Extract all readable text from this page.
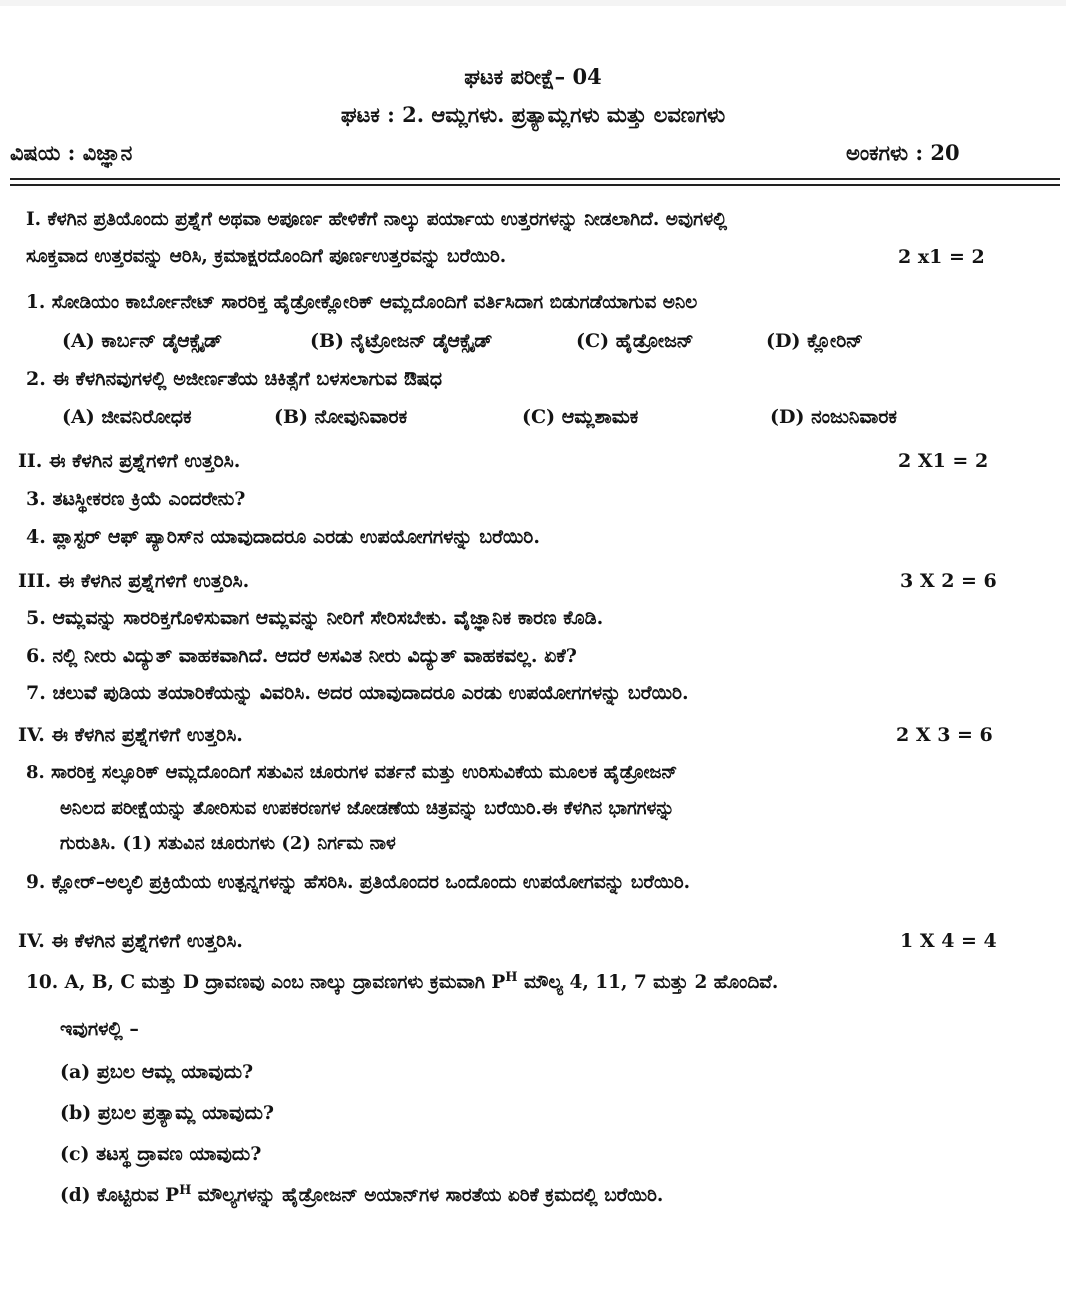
ಘಟಕ ಪರೀಕ್ಷೆ– 04
ಘಟಕ : 2. ಆಮ್ಲಗಳು. ಪ್ರತ್ಯಾಮ್ಲಗಳು ಮತ್ತು ಲವಣಗಳು
ವಿಷಯ : ವಿಜ್ಞಾನ	ಅಂಕಗಳು : 20
I. ಕೆಳಗಿನ ಪ್ರತಿಯೊಂದು ಪ್ರಶ್ನೆಗೆ ಅಥವಾ ಅಪೂರ್ಣ ಹೇಳಿಕೆಗೆ ನಾಲ್ಕು ಪರ್ಯಾಯ ಉತ್ತರಗಳನ್ನು ನೀಡಲಾಗಿದೆ. ಅವುಗಳಲ್ಲಿ
ಸೂಕ್ತವಾದ ಉತ್ತರವನ್ನು ಆರಿಸಿ, ಕ್ರಮಾಕ್ಷರದೊಂದಿಗೆ ಪೂರ್ಣಉತ್ತರವನ್ನು ಬರೆಯಿರಿ.	2 x1 = 2
1. ಸೋಡಿಯಂ ಕಾರ್ಬೋನೇಟ್ ಸಾರರಿಕ್ತ ಹೈಡ್ರೋಕ್ಲೋರಿಕ್ ಆಮ್ಲದೊಂದಿಗೆ ವರ್ತಿಸಿದಾಗ ಬಿಡುಗಡೆಯಾಗುವ ಅನಿಲ
(A) ಕಾರ್ಬನ್ ಡೈಆಕ್ಸೈಡ್	(B) ನೈಟ್ರೋಜನ್ ಡೈಆಕ್ಸೈಡ್	(C) ಹೈಡ್ರೋಜನ್	(D) ಕ್ಲೋರಿನ್
2. ಈ ಕೆಳಗಿನವುಗಳಲ್ಲಿ ಅಜೀರ್ಣತೆಯ ಚಿಕಿತ್ಸೆಗೆ ಬಳಸಲಾಗುವ ಔಷಧ
(A) ಜೀವನಿರೋಧಕ	(B) ನೋವುನಿವಾರಕ	(C) ಆಮ್ಲಶಾಮಕ	(D) ನಂಜುನಿವಾರಕ
II. ಈ ಕೆಳಗಿನ ಪ್ರಶ್ನೆಗಳಿಗೆ ಉತ್ತರಿಸಿ.	2 X1 = 2
3. ತಟಸ್ಥೀಕರಣ ಕ್ರಿಯೆ ಎಂದರೇನು?
4. ಪ್ಲಾಸ್ಟರ್ ಆಫ್ ಪ್ಯಾರಿಸ್‌ನ ಯಾವುದಾದರೂ ಎರಡು ಉಪಯೋಗಗಳನ್ನು ಬರೆಯಿರಿ.
III. ಈ ಕೆಳಗಿನ ಪ್ರಶ್ನೆಗಳಿಗೆ ಉತ್ತರಿಸಿ.	3 X 2 = 6
5. ಆಮ್ಲವನ್ನು ಸಾರರಿಕ್ತಗೊಳಿಸುವಾಗ ಆಮ್ಲವನ್ನು ನೀರಿಗೆ ಸೇರಿಸಬೇಕು. ವೈಜ್ಞಾನಿಕ ಕಾರಣ ಕೊಡಿ.
6. ನಲ್ಲಿ ನೀರು ವಿದ್ಯುತ್ ವಾಹಕವಾಗಿದೆ. ಆದರೆ ಅಸವಿತ ನೀರು ವಿದ್ಯುತ್ ವಾಹಕವಲ್ಲ. ಏಕೆ?
7. ಚಲುವೆ ಪುಡಿಯ ತಯಾರಿಕೆಯನ್ನು ವಿವರಿಸಿ. ಅದರ ಯಾವುದಾದರೂ ಎರಡು ಉಪಯೋಗಗಳನ್ನು ಬರೆಯಿರಿ.
IV. ಈ ಕೆಳಗಿನ ಪ್ರಶ್ನೆಗಳಿಗೆ ಉತ್ತರಿಸಿ.	2 X 3 = 6
8. ಸಾರರಿಕ್ತ ಸಲ್ಫೂರಿಕ್ ಆಮ್ಲದೊಂದಿಗೆ ಸತುವಿನ ಚೂರುಗಳ ವರ್ತನೆ ಮತ್ತು ಉರಿಸುವಿಕೆಯ ಮೂಲಕ ಹೈಡ್ರೋಜನ್
ಅನಿಲದ ಪರೀಕ್ಷೆಯನ್ನು ತೋರಿಸುವ ಉಪಕರಣಗಳ ಜೋಡಣೆಯ ಚಿತ್ರವನ್ನು ಬರೆಯಿರಿ.ಈ ಕೆಳಗಿನ ಭಾಗಗಳನ್ನು
ಗುರುತಿಸಿ. (1) ಸತುವಿನ ಚೂರುಗಳು (2) ನಿರ್ಗಮ ನಾಳ
9. ಕ್ಲೋರ್–ಅಲ್ಕಲಿ ಪ್ರಕ್ರಿಯೆಯ ಉತ್ಪನ್ನಗಳನ್ನು ಹೆಸರಿಸಿ. ಪ್ರತಿಯೊಂದರ ಒಂದೊಂದು ಉಪಯೋಗವನ್ನು ಬರೆಯಿರಿ.
IV. ಈ ಕೆಳಗಿನ ಪ್ರಶ್ನೆಗಳಿಗೆ ಉತ್ತರಿಸಿ.	1 X 4 = 4
10. A, B, C ಮತ್ತು D ದ್ರಾವಣವು ಎಂಬ ನಾಲ್ಕು ದ್ರಾವಣಗಳು ಕ್ರಮವಾಗಿ $P^H$ ಮೌಲ್ಯ 4, 11, 7 ಮತ್ತು 2 ಹೊಂದಿವೆ.
ಇವುಗಳಲ್ಲಿ –
(a) ಪ್ರಬಲ ಆಮ್ಲ ಯಾವುದು?
(b) ಪ್ರಬಲ ಪ್ರತ್ಯಾಮ್ಲ ಯಾವುದು?
(c) ತಟಸ್ಥ ದ್ರಾವಣ ಯಾವುದು?
(d) ಕೊಟ್ಟಿರುವ $P^H$ ಮೌಲ್ಯಗಳನ್ನು ಹೈಡ್ರೋಜನ್ ಅಯಾನ್‌ಗಳ ಸಾರತೆಯ ಏರಿಕೆ ಕ್ರಮದಲ್ಲಿ ಬರೆಯಿರಿ.
